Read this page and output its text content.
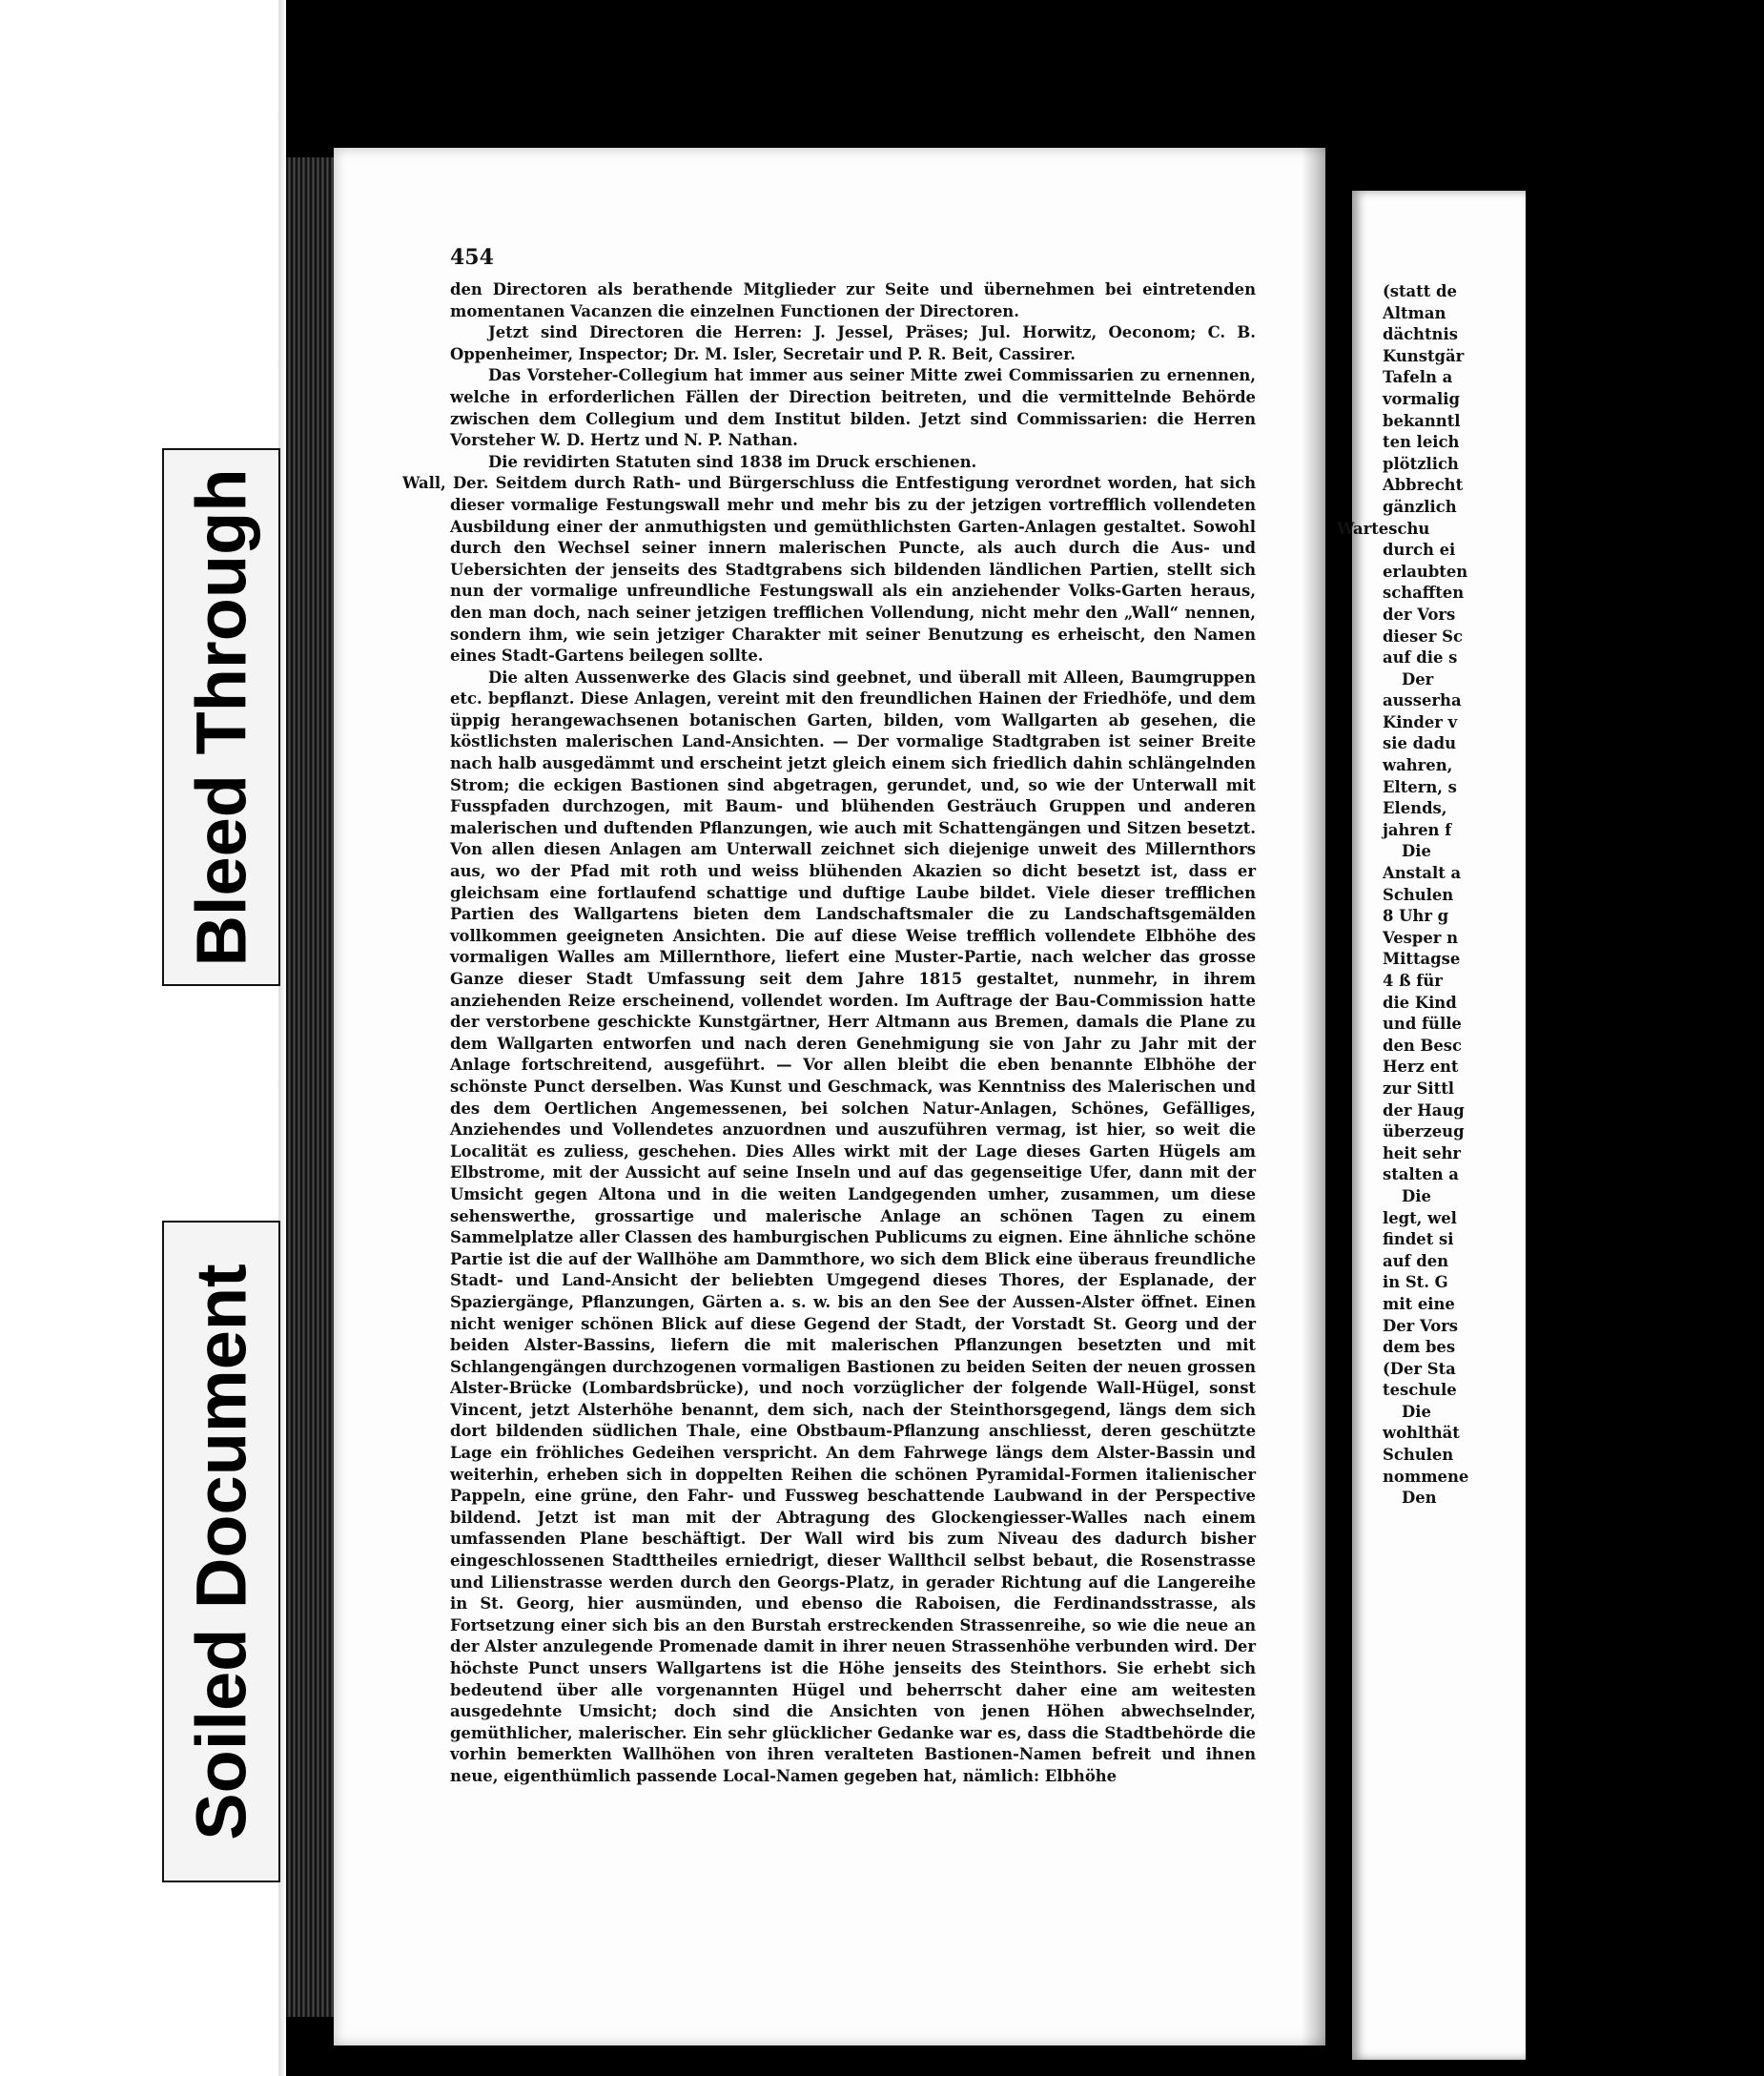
Bleed Through
Soiled Document
454

den Directoren als berathende Mitglieder zur Seite und übernehmen bei eintretenden momentanen Vacanzen die einzelnen Functionen der Directoren.

Jetzt sind Directoren die Herren: J. Jessel, Präses; Jul. Horwitz, Oeconom; C. B. Oppenheimer, Inspector; Dr. M. Isler, Secretair und P. R. Beit, Cassirer.

Das Vorsteher-Collegium hat immer aus seiner Mitte zwei Commissarien zu ernennen, welche in erforderlichen Fällen der Direction beitreten, und die vermittelnde Behörde zwischen dem Collegium und dem Institut bilden. Jetzt sind Commissarien: die Herren Vorsteher W. D. Hertz und N. P. Nathan.

Die revidirten Statuten sind 1838 im Druck erschienen.

Wall, Der. Seitdem durch Rath- und Bürgerschluss die Entfestigung verordnet worden, hat sich dieser vormalige Festungswall mehr und mehr bis zu der jetzigen vortrefflich vollendeten Ausbildung einer der anmuthigsten und gemüthlichsten Garten-Anlagen gestaltet. Sowohl durch den Wechsel seiner innern malerischen Puncte, als auch durch die Aus- und Uebersichten der jenseits des Stadtgrabens sich bildenden ländlichen Partien, stellt sich nun der vormalige unfreundliche Festungswall als ein anziehender Volks-Garten heraus, den man doch, nach seiner jetzigen trefflichen Vollendung, nicht mehr den „Wall“ nennen, sondern ihm, wie sein jetziger Charakter mit seiner Benutzung es erheischt, den Namen eines Stadt-Gartens beilegen sollte.

Die alten Aussenwerke des Glacis sind geebnet, und überall mit Alleen, Baumgruppen etc. bepflanzt. Diese Anlagen, vereint mit den freundlichen Hainen der Friedhöfe, und dem üppig herangewachsenen botanischen Garten, bilden, vom Wallgarten ab gesehen, die köstlichsten malerischen Land-Ansichten. — Der vormalige Stadtgraben ist seiner Breite nach halb ausgedämmt und erscheint jetzt gleich einem sich friedlich dahin schlängelnden Strom; die eckigen Bastionen sind abgetragen, gerundet, und, so wie der Unterwall mit Fusspfaden durchzogen, mit Baum- und blühenden Gesträuch Gruppen und anderen malerischen und duftenden Pflanzungen, wie auch mit Schattengängen und Sitzen besetzt. Von allen diesen Anlagen am Unterwall zeichnet sich diejenige unweit des Millernthors aus, wo der Pfad mit roth und weiss blühenden Akazien so dicht besetzt ist, dass er gleichsam eine fortlaufend schattige und duftige Laube bildet. Viele dieser trefflichen Partien des Wallgartens bieten dem Landschaftsmaler die zu Landschaftsgemälden vollkommen geeigneten Ansichten. Die auf diese Weise trefflich vollendete Elbhöhe des vormaligen Walles am Millernthore, liefert eine Muster-Partie, nach welcher das grosse Ganze dieser Stadt Umfassung seit dem Jahre 1815 gestaltet, nunmehr, in ihrem anziehenden Reize erscheinend, vollendet worden. Im Auftrage der Bau-Commission hatte der verstorbene geschickte Kunstgärtner, Herr Altmann aus Bremen, damals die Plane zu dem Wallgarten entworfen und nach deren Genehmigung sie von Jahr zu Jahr mit der Anlage fortschreitend, ausgeführt. — Vor allen bleibt die eben benannte Elbhöhe der schönste Punct derselben. Was Kunst und Geschmack, was Kenntniss des Malerischen und des dem Oertlichen Angemessenen, bei solchen Natur-Anlagen, Schönes, Gefälliges, Anziehendes und Vollendetes anzuordnen und auszuführen vermag, ist hier, so weit die Localität es zuliess, geschehen. Dies Alles wirkt mit der Lage dieses Garten Hügels am Elbstrome, mit der Aussicht auf seine Inseln und auf das gegenseitige Ufer, dann mit der Umsicht gegen Altona und in die weiten Landgegenden umher, zusammen, um diese sehenswerthe, grossartige und malerische Anlage an schönen Tagen zu einem Sammelplatze aller Classen des hamburgischen Publicums zu eignen. Eine ähnliche schöne Partie ist die auf der Wallhöhe am Dammthore, wo sich dem Blick eine überaus freundliche Stadt- und Land-Ansicht der beliebten Umgegend dieses Thores, der Esplanade, der Spaziergänge, Pflanzungen, Gärten a. s. w. bis an den See der Aussen-Alster öffnet. Einen nicht weniger schönen Blick auf diese Gegend der Stadt, der Vorstadt St. Georg und der beiden Alster-Bassins, liefern die mit malerischen Pflanzungen besetzten und mit Schlangengängen durchzogenen vormaligen Bastionen zu beiden Seiten der neuen grossen Alster-Brücke (Lombardsbrücke), und noch vorzüglicher der folgende Wall-Hügel, sonst Vincent, jetzt Alsterhöhe benannt, dem sich, nach der Steinthorsgegend, längs dem sich dort bildenden südlichen Thale, eine Obstbaum-Pflanzung anschliesst, deren geschützte Lage ein fröhliches Gedeihen verspricht. An dem Fahrwege längs dem Alster-Bassin und weiterhin, erheben sich in doppelten Reihen die schönen Pyramidal-Formen italienischer Pappeln, eine grüne, den Fahr- und Fussweg beschattende Laubwand in der Perspective bildend. Jetzt ist man mit der Abtragung des Glockengiesser-Walles nach einem umfassenden Plane beschäftigt. Der Wall wird bis zum Niveau des dadurch bisher eingeschlossenen Stadttheiles erniedrigt, dieser Wallthcil selbst bebaut, die Rosenstrasse und Lilienstrasse werden durch den Georgs-Platz, in gerader Richtung auf die Langereihe in St. Georg, hier ausmünden, und ebenso die Raboisen, die Ferdinandsstrasse, als Fortsetzung einer sich bis an den Burstah erstreckenden Strassenreihe, so wie die neue an der Alster anzulegende Promenade damit in ihrer neuen Strassenhöhe verbunden wird. Der höchste Punct unsers Wallgartens ist die Höhe jenseits des Steinthors. Sie erhebt sich bedeutend über alle vorgenannten Hügel und beherrscht daher eine am weitesten ausgedehnte Umsicht; doch sind die Ansichten von jenen Höhen abwechselnder, gemüthlicher, malerischer. Ein sehr glücklicher Gedanke war es, dass die Stadtbehörde die vorhin bemerkten Wallhöhen von ihren veralteten Bastionen-Namen befreit und ihnen neue, eigenthümlich passende Local-Namen gegeben hat, nämlich: Elbhöhe

(statt de
Altman
dächtnis
Kunstgär
Tafeln a
vormalig
bekanntl
ten leich
plötzlich
Abbrecht
gänzlich
Warteschu
durch ei
erlaubten
schafften
der Vors
dieser Sc
auf die s
Der
ausserha
Kinder v
sie dadu
wahren,
Eltern, s
Elends,
jahren f
Die
Anstalt a
Schulen
8 Uhr g
Vesper n
Mittagse
4 ß für
die Kind
und fülle
den Besc
Herz ent
zur Sittl
der Haug
überzeug
heit sehr
stalten a
Die
legt, wel
findet si
auf den
in St. G
mit eine
Der Vors
dem bes
(Der Sta
teschule
Die
wohlthät
Schulen
nommene
Den
